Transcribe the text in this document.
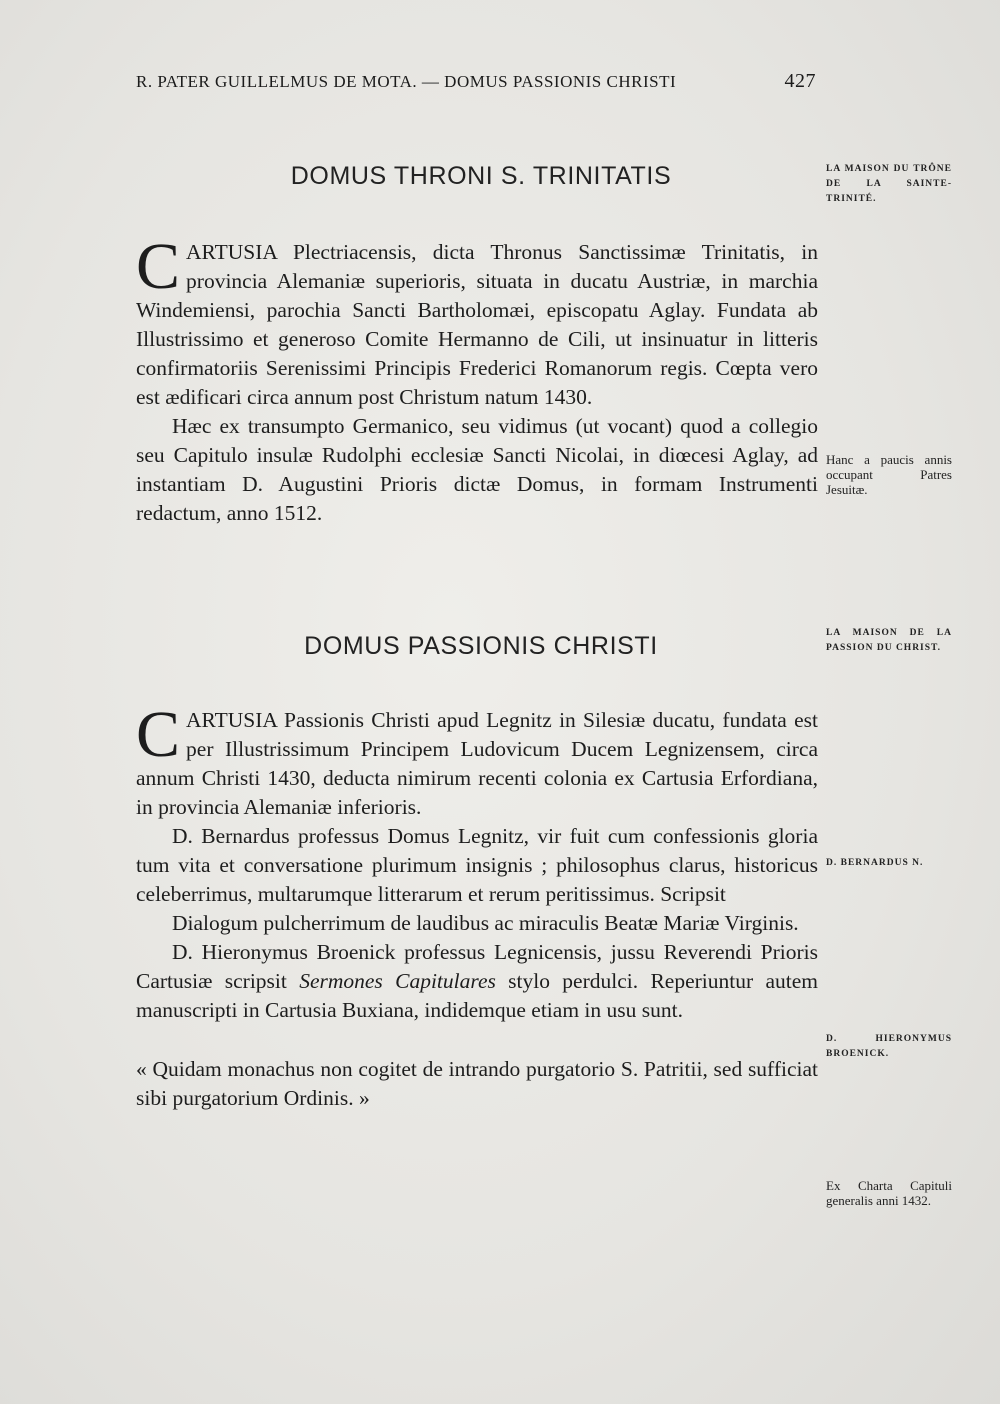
R. PATER GUILLELMUS DE MOTA. — DOMUS PASSIONIS CHRISTI	427
DOMUS THRONI S. TRINITATIS	LA MAISON DU TRÔNE DE LA SAINTE-TRINITÉ.

CARTUSIA Plectriacensis, dicta Thronus Sanctissimæ Trinitatis, in provincia Alemaniæ superioris, situata in ducatu Austriæ, in marchia Windemiensi, parochia Sancti Bartholomæi, episcopatu Aglay. Fundata ab Illustrissimo et generoso Comite Hermanno de Cili, ut insinuatur in litteris confirmatoriis Serenissimi Principis Frederici Romanorum regis. Cœpta vero est ædificari circa annum post Christum natum 1430.

Hæc ex transumpto Germanico, seu vidimus (ut vocant) quod a collegio seu Capitulo insulæ Rudolphi ecclesiæ Sancti Nicolai, in diœcesi Aglay, ad instantiam D. Augustini Prioris dictæ Domus, in formam Instrumenti redactum, anno 1512.

Hanc a paucis annis occupant Patres Jesuitæ.
DOMUS PASSIONIS CHRISTI	LA MAISON DE LA PASSION DU CHRIST.

CARTUSIA Passionis Christi apud Legnitz in Silesiæ ducatu, fundata est per Illustrissimum Principem Ludovicum Ducem Legnizensem, circa annum Christi 1430, deducta nimirum recenti colonia ex Cartusia Erfordiana, in provincia Alemaniæ inferioris.

D. Bernardus professus Domus Legnitz, vir fuit cum confessionis gloria tum vita et conversatione plurimum insignis ; philosophus clarus, historicus celeberrimus, multarumque litterarum et rerum peritissimus. Scripsit

Dialogum pulcherrimum de laudibus ac miraculis Beatæ Mariæ Virginis.

D. Hieronymus Broenick professus Legnicensis, jussu Reverendi Prioris Cartusiæ scripsit Sermones Capitulares stylo perdulci. Reperiuntur autem manuscripti in Cartusia Buxiana, indidemque etiam in usu sunt.

« Quidam monachus non cogitet de intrando purgatorio S. Patritii, sed sufficiat sibi purgatorium Ordinis. »

D. BERNARDUS N.
D. HIERONYMUS BROENICK.
Ex Charta Capituli generalis anni 1432.
